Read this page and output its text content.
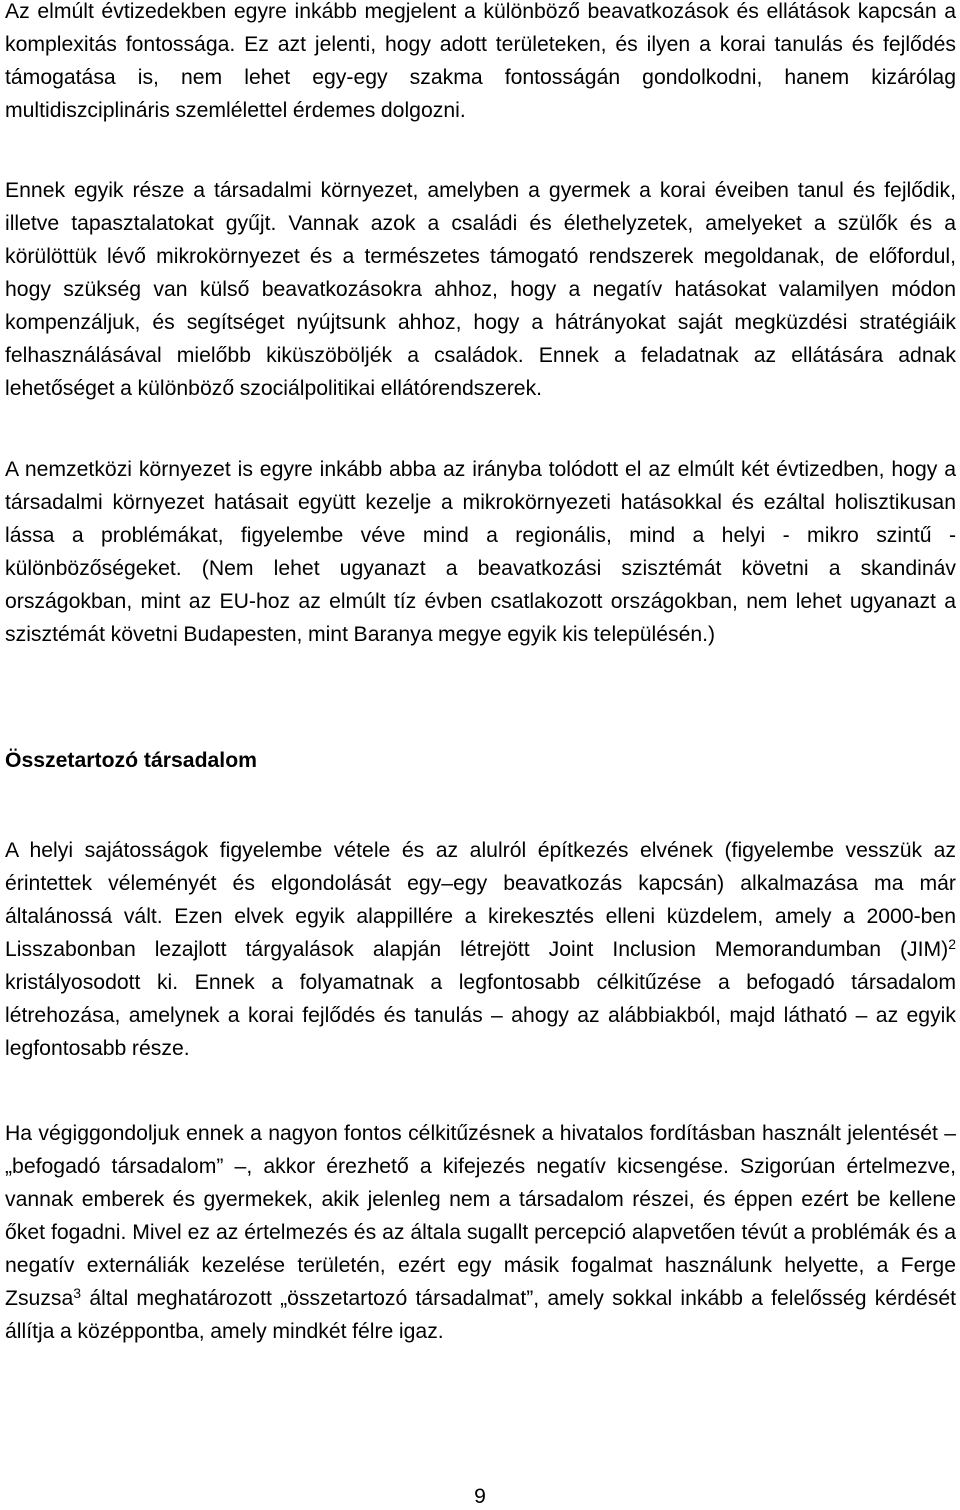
Az elmúlt évtizedekben egyre inkább megjelent a különböző beavatkozások és ellátások kapcsán a komplexitás fontossága. Ez azt jelenti, hogy adott területeken, és ilyen a korai tanulás és fejlődés támogatása is, nem lehet egy-egy szakma fontosságán gondolkodni, hanem kizárólag multidiszciplináris szemlélettel érdemes dolgozni.

Ennek egyik része a társadalmi környezet, amelyben a gyermek a korai éveiben tanul és fejlődik, illetve tapasztalatokat gyűjt. Vannak azok a családi és élethelyzetek, amelyeket a szülők és a körülöttük lévő mikrokörnyezet és a természetes támogató rendszerek megoldanak, de előfordul, hogy szükség van külső beavatkozásokra ahhoz, hogy a negatív hatásokat valamilyen módon kompenzáljuk, és segítséget nyújtsunk ahhoz, hogy a hátrányokat saját megküzdési stratégiáik felhasználásával mielőbb kiküszöböljék a családok. Ennek a feladatnak az ellátására adnak lehetőséget a különböző szociálpolitikai ellátórendszerek.

A nemzetközi környezet is egyre inkább abba az irányba tolódott el az elmúlt két évtizedben, hogy a társadalmi környezet hatásait együtt kezelje a mikrokörnyezeti hatásokkal és ezáltal holisztikusan lássa a problémákat, figyelembe véve mind a regionális, mind a helyi - mikro szintű - különbözőségeket. (Nem lehet ugyanazt a beavatkozási szisztémát követni a skandináv országokban, mint az EU-hoz az elmúlt tíz évben csatlakozott országokban, nem lehet ugyanazt a szisztémát követni Budapesten, mint Baranya megye egyik kis településén.)

Összetartozó társadalom

A helyi sajátosságok figyelembe vétele és az alulról építkezés elvének (figyelembe vesszük az érintettek véleményét és elgondolását egy–egy beavatkozás kapcsán) alkalmazása ma már általánossá vált. Ezen elvek egyik alappillére a kirekesztés elleni küzdelem, amely a 2000-ben Lisszabonban lezajlott tárgyalások alapján létrejött Joint Inclusion Memorandumban (JIM)$^2$ kristályosodott ki. Ennek a folyamatnak a legfontosabb célkitűzése a befogadó társadalom létrehozása, amelynek a korai fejlődés és tanulás – ahogy az alábbiakból, majd látható – az egyik legfontosabb része.

Ha végiggondoljuk ennek a nagyon fontos célkitűzésnek a hivatalos fordításban használt jelentését – „befogadó társadalom” –, akkor érezhető a kifejezés negatív kicsengése. Szigorúan értelmezve, vannak emberek és gyermekek, akik jelenleg nem a társadalom részei, és éppen ezért be kellene őket fogadni. Mivel ez az értelmezés és az általa sugallt percepció alapvetően tévút a problémák és a negatív externáliák kezelése területén, ezért egy másik fogalmat használunk helyette, a Ferge Zsuzsa$^3$ által meghatározott „összetartozó társadalmat”, amely sokkal inkább a felelősség kérdését állítja a középpontba, amely mindkét félre igaz.

9
